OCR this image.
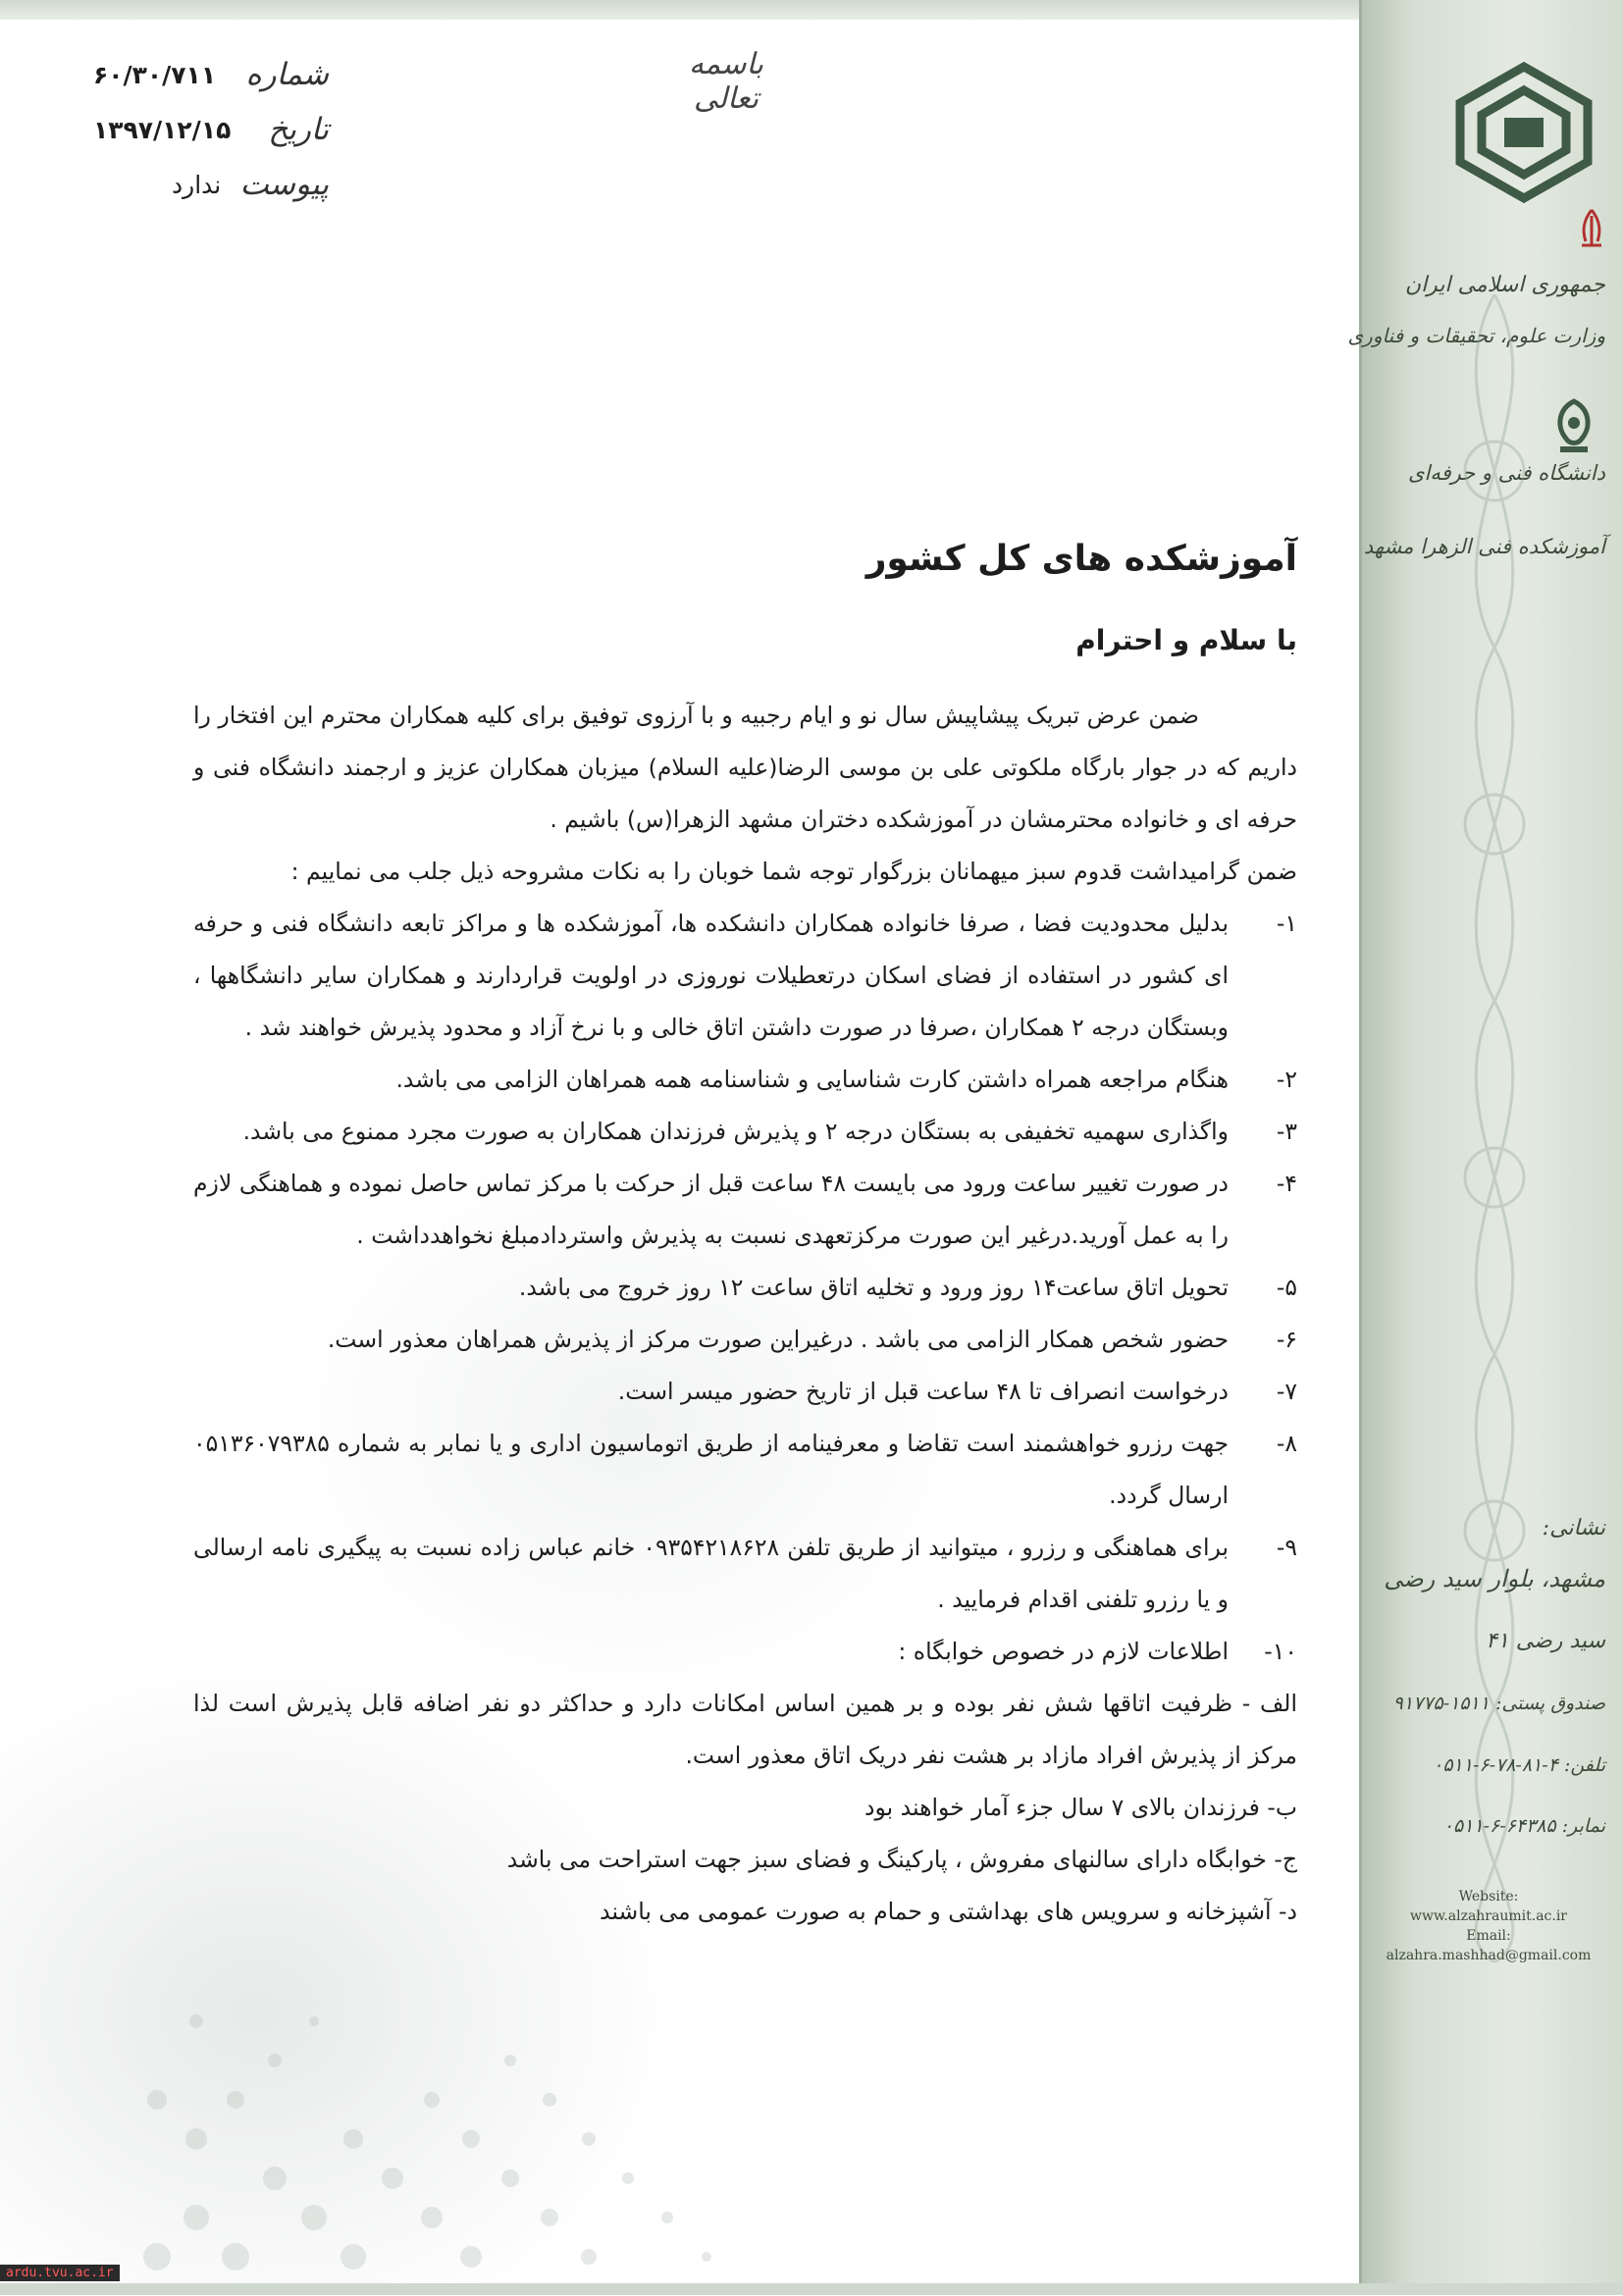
جمهوری اسلامی ایران
وزارت علوم، تحقیقات و فناوری
دانشگاه فنی و حرفه‌ای
آموزشکده فنی الزهرا مشهد
نشانی:
مشهد، بلوار سید رضی
سید رضی ۴۱
صندوق پستی: ۱۵۱۱-۹۱۷۷۵
تلفن: ۴-۸۱-۷۸-۶-۰۵۱۱
نمابر: ۶۴۳۸۵-۶-۰۵۱۱
Website:
www.alzahraumit.ac.ir
Email:
alzahra.mashhad@gmail.com
باسمه تعالی
۶۰/۳۰/۷۱۱ شماره
۱۳۹۷/۱۲/۱۵ تاریخ
ندارد پیوست
آموزشکده های کل کشور
با سلام و احترام

ضمن عرض تبریک پیشاپیش سال نو و ایام رجبیه و با آرزوی توفیق برای کلیه همکاران محترم این افتخار را داریم که در جوار بارگاه ملکوتی علی بن موسی الرضا(علیه السلام) میزبان همکاران عزیز و ارجمند دانشگاه فنی و حرفه ای و خانواده محترمشان در آموزشکده دختران مشهد الزهرا(س) باشیم .

ضمن گرامیداشت قدوم سبز میهمانان بزرگوار توجه شما خوبان را به نکات مشروحه ذیل جلب می نماییم :

۱-
بدلیل محدودیت فضا ، صرفا خانواده همکاران دانشکده ها، آموزشکده ها و مراکز تابعه دانشگاه فنی و حرفه ای کشور در استفاده از فضای اسکان درتعطیلات نوروزی در اولویت قراردارند و همکاران سایر دانشگاهها ، وبستگان درجه ۲ همکاران ،صرفا در صورت داشتن اتاق خالی و با نرخ آزاد و محدود پذیرش خواهند شد .
۲-
هنگام مراجعه همراه داشتن کارت شناسایی و شناسنامه همه همراهان الزامی می باشد.
۳-
واگذاری سهمیه تخفیفی به بستگان درجه ۲ و پذیرش فرزندان همکاران به صورت مجرد ممنوع می باشد.
۴-
در صورت تغییر ساعت ورود می بایست ۴۸ ساعت قبل از حرکت با مرکز تماس حاصل نموده و هماهنگی لازم را به عمل آورید.درغیر این صورت مرکزتعهدی نسبت به پذیرش واستردادمبلغ نخواهدداشت .
۵-
تحویل اتاق ساعت۱۴ روز ورود و تخلیه اتاق ساعت ۱۲ روز خروج می باشد.
۶-
حضور شخص همکار الزامی می باشد . درغیراین صورت مرکز از پذیرش همراهان معذور است.
۷-
درخواست انصراف تا ۴۸ ساعت قبل از تاریخ حضور میسر است.
۸-
جهت رزرو خواهشمند است تقاضا و معرفینامه از طریق اتوماسیون اداری و یا نمابر به شماره ۰۵۱۳۶۰۷۹۳۸۵ ارسال گردد.
۹-
برای هماهنگی و رزرو ، میتوانید از طریق تلفن ۰۹۳۵۴۲۱۸۶۲۸ خانم عباس زاده نسبت به پیگیری نامه ارسالی و یا رزرو تلفنی اقدام فرمایید .
۱۰-
اطلاعات لازم در خصوص خوابگاه :

الف - ظرفیت اتاقها شش نفر بوده و بر همین اساس امکانات دارد و حداکثر دو نفر اضافه قابل پذیرش است لذا مرکز از پذیرش افراد مازاد بر هشت نفر دریک اتاق معذور است.

ب- فرزندان بالای ۷ سال جزء آمار خواهند بود

ج- خوابگاه دارای سالنهای مفروش ، پارکینگ و فضای سبز جهت استراحت می باشد

د- آشپزخانه و سرویس های بهداشتی و حمام به صورت عمومی می باشند

ardu.tvu.ac.ir
